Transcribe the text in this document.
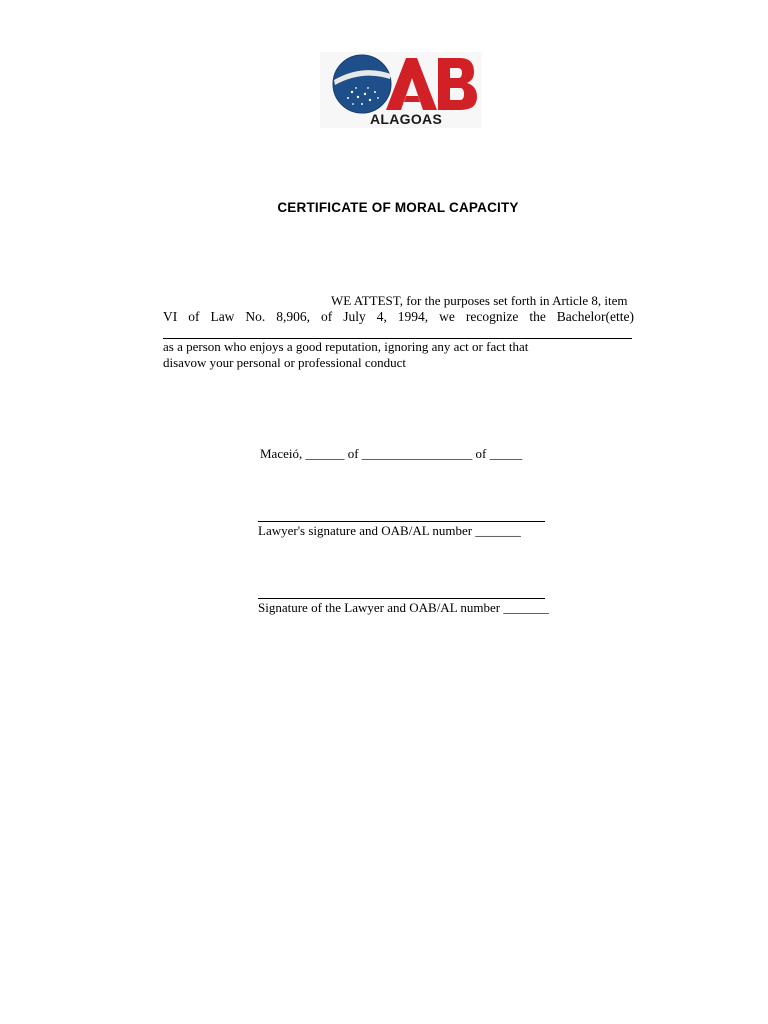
ALAGOAS
CERTIFICATE OF MORAL CAPACITY
WE ATTEST, for the purposes set forth in Article 8, item
VI of Law No. 8,906, of July 4, 1994, we recognize the Bachelor(ette)
as a person who enjoys a good reputation, ignoring any act or fact that
disavow your personal or professional conduct
Maceió, ______ of _________________ of _____
Lawyer's signature and OAB/AL number _______
Signature of the Lawyer and OAB/AL number _______
